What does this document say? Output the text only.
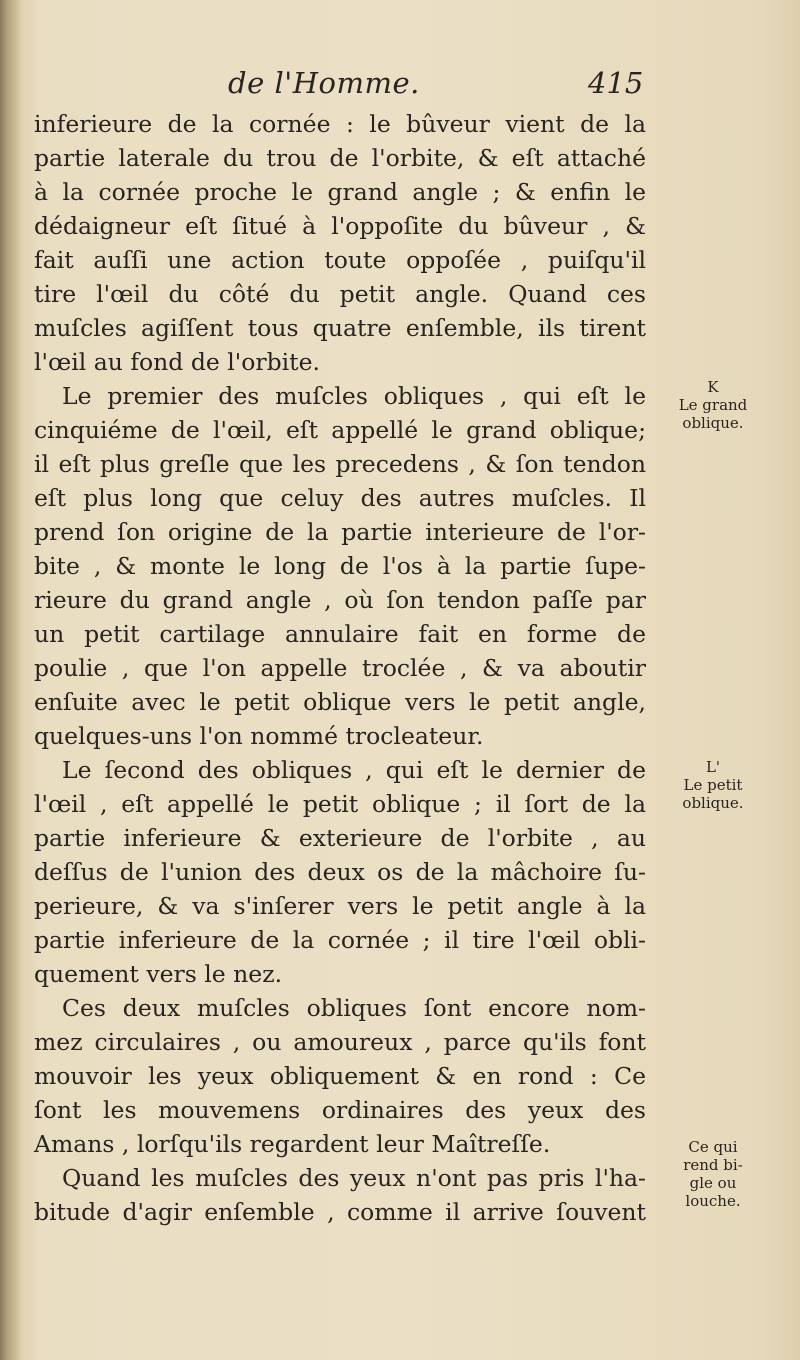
de l'Homme.	415
inferieure de la cornée : le bûveur vient de la
partie laterale du trou de l'orbite, & eſt attaché
à la cornée proche le grand angle ; & enfin le
dédaigneur eſt ſitué à l'oppoſite du bûveur , &
fait auſſi une action toute oppoſée , puiſqu'il
tire l'œil du côté du petit angle. Quand ces
muſcles agiſſent tous quatre enſemble, ils tirent
l'œil au fond de l'orbite.
Le premier des muſcles obliques , qui eſt le
cinquiéme de l'œil, eſt appellé le grand oblique;
il eſt plus greſle que les precedens , & ſon tendon
eſt plus long que celuy des autres muſcles. Il
prend ſon origine de la partie interieure de l'or-
bite , & monte le long de l'os à la partie ſupe-
rieure du grand angle , où ſon tendon paſſe par
un petit cartilage annulaire fait en forme de
poulie , que l'on appelle troclée , & va aboutir
enſuite avec le petit oblique vers le petit angle,
quelques-uns l'on nommé trocleateur.
Le ſecond des obliques , qui eſt le dernier de
l'œil , eſt appellé le petit oblique ; il ſort de la
partie inferieure & exterieure de l'orbite , au
deſſus de l'union des deux os de la mâchoire ſu-
perieure, & va s'inſerer vers le petit angle à la
partie inferieure de la cornée ; il tire l'œil obli-
quement vers le nez.
Ces deux muſcles obliques ſont encore nom-
mez circulaires , ou amoureux , parce qu'ils font
mouvoir les yeux obliquement & en rond : Ce
ſont les mouvemens ordinaires des yeux des
Amans , lorſqu'ils regardent leur Maîtreſſe.
Quand les muſcles des yeux n'ont pas pris l'ha-
bitude d'agir enſemble , comme il arrive ſouvent
K
Le grand
oblique.
L'
Le petit
oblique.
Ce qui
rend bi-
gle ou
louche.
